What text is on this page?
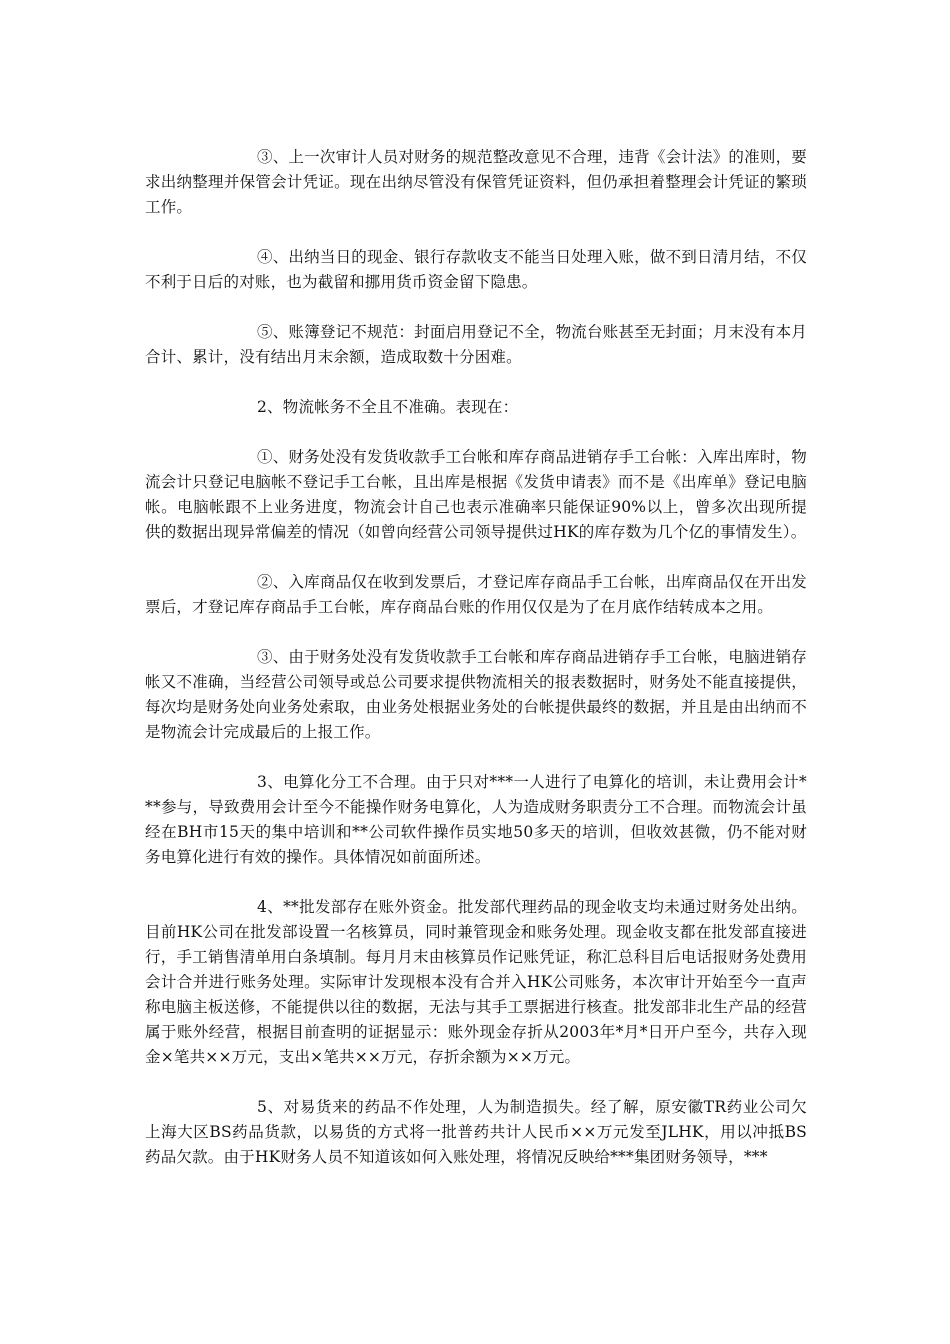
③、上一次审计人员对财务的规范整改意见不合理，违背《会计法》的准则，要求出纳整理并保管会计凭证。现在出纳尽管没有保管凭证资料，但仍承担着整理会计凭证的繁琐工作。

④、出纳当日的现金、银行存款收支不能当日处理入账，做不到日清月结，不仅不利于日后的对账，也为截留和挪用货币资金留下隐患。

⑤、账簿登记不规范：封面启用登记不全，物流台账甚至无封面；月末没有本月合计、累计，没有结出月末余额，造成取数十分困难。

2、物流帐务不全且不准确。表现在：

①、财务处没有发货收款手工台帐和库存商品进销存手工台帐：入库出库时，物流会计只登记电脑帐不登记手工台帐，且出库是根据《发货申请表》而不是《出库单》登记电脑帐。电脑帐跟不上业务进度，物流会计自己也表示准确率只能保证90%以上，曾多次出现所提供的数据出现异常偏差的情况（如曾向经营公司领导提供过HK的库存数为几个亿的事情发生）。

②、入库商品仅在收到发票后，才登记库存商品手工台帐，出库商品仅在开出发票后，才登记库存商品手工台帐，库存商品台账的作用仅仅是为了在月底作结转成本之用。

③、由于财务处没有发货收款手工台帐和库存商品进销存手工台帐，电脑进销存帐又不准确，当经营公司领导或总公司要求提供物流相关的报表数据时，财务处不能直接提供，每次均是财务处向业务处索取，由业务处根据业务处的台帐提供最终的数据，并且是由出纳而不是物流会计完成最后的上报工作。

3、电算化分工不合理。由于只对***一人进行了电算化的培训，未让费用会计***参与，导致费用会计至今不能操作财务电算化，人为造成财务职责分工不合理。而物流会计虽经在BH市15天的集中培训和**公司软件操作员实地50多天的培训，但收效甚微，仍不能对财务电算化进行有效的操作。具体情况如前面所述。

4、**批发部存在账外资金。批发部代理药品的现金收支均未通过财务处出纳。目前HK公司在批发部设置一名核算员，同时兼管现金和账务处理。现金收支都在批发部直接进行，手工销售清单用白条填制。每月月末由核算员作记账凭证，称汇总科目后电话报财务处费用会计合并进行账务处理。实际审计发现根本没有合并入HK公司账务，本次审计开始至今一直声称电脑主板送修，不能提供以往的数据，无法与其手工票据进行核查。批发部非北生产品的经营属于账外经营，根据目前查明的证据显示：账外现金存折从2003年*月*日开户至今，共存入现金×笔共××万元，支出×笔共××万元，存折余额为××万元。

5、对易货来的药品不作处理，人为制造损失。经了解，原安徽TR药业公司欠上海大区BS药品货款，以易货的方式将一批普药共计人民币××万元发至JLHK，用以冲抵BS药品欠款。由于HK财务人员不知道该如何入账处理，将情况反映给***集团财务领导，***
